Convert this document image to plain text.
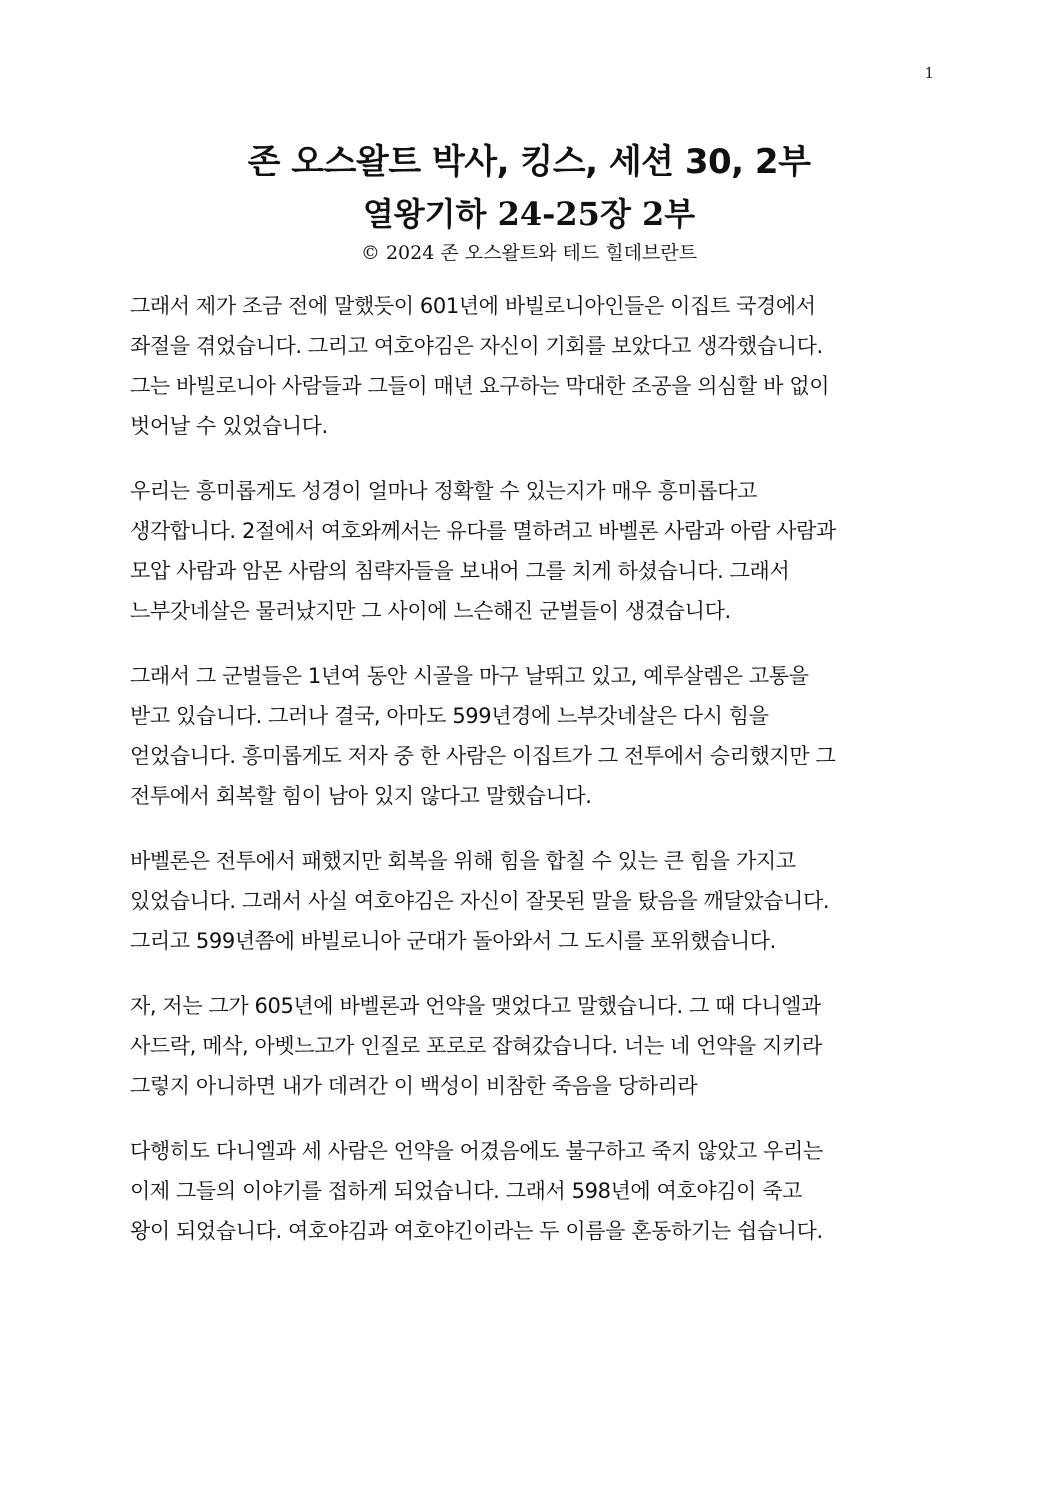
1

존 오스왈트 박사, 킹스, 세션 30, 2부

열왕기하 24-25장 2부

© 2024 존 오스왈트와 테드 힐데브란트

그래서 제가 조금 전에 말했듯이 601년에 바빌로니아인들은 이집트 국경에서
좌절을 겪었습니다. 그리고 여호야김은 자신이 기회를 보았다고 생각했습니다.
그는 바빌로니아 사람들과 그들이 매년 요구하는 막대한 조공을 의심할 바 없이
벗어날 수 있었습니다.

우리는 흥미롭게도 성경이 얼마나 정확할 수 있는지가 매우 흥미롭다고
생각합니다. 2절에서 여호와께서는 유다를 멸하려고 바벨론 사람과 아람 사람과
모압 사람과 암몬 사람의 침략자들을 보내어 그를 치게 하셨습니다. 그래서
느부갓네살은 물러났지만 그 사이에 느슨해진 군벌들이 생겼습니다.

그래서 그 군벌들은 1년여 동안 시골을 마구 날뛰고 있고, 예루살렘은 고통을
받고 있습니다. 그러나 결국, 아마도 599년경에 느부갓네살은 다시 힘을
얻었습니다. 흥미롭게도 저자 중 한 사람은 이집트가 그 전투에서 승리했지만 그
전투에서 회복할 힘이 남아 있지 않다고 말했습니다.

바벨론은 전투에서 패했지만 회복을 위해 힘을 합칠 수 있는 큰 힘을 가지고
있었습니다. 그래서 사실 여호야김은 자신이 잘못된 말을 탔음을 깨달았습니다.
그리고 599년쯤에 바빌로니아 군대가 돌아와서 그 도시를 포위했습니다.

자, 저는 그가 605년에 바벨론과 언약을 맺었다고 말했습니다. 그 때 다니엘과
사드락, 메삭, 아벳느고가 인질로 포로로 잡혀갔습니다. 너는 네 언약을 지키라
그렇지 아니하면 내가 데려간 이 백성이 비참한 죽음을 당하리라

다행히도 다니엘과 세 사람은 언약을 어겼음에도 불구하고 죽지 않았고 우리는
이제 그들의 이야기를 접하게 되었습니다. 그래서 598년에 여호야김이 죽고
왕이 되었습니다. 여호야김과 여호야긴이라는 두 이름을 혼동하기는 쉽습니다.
